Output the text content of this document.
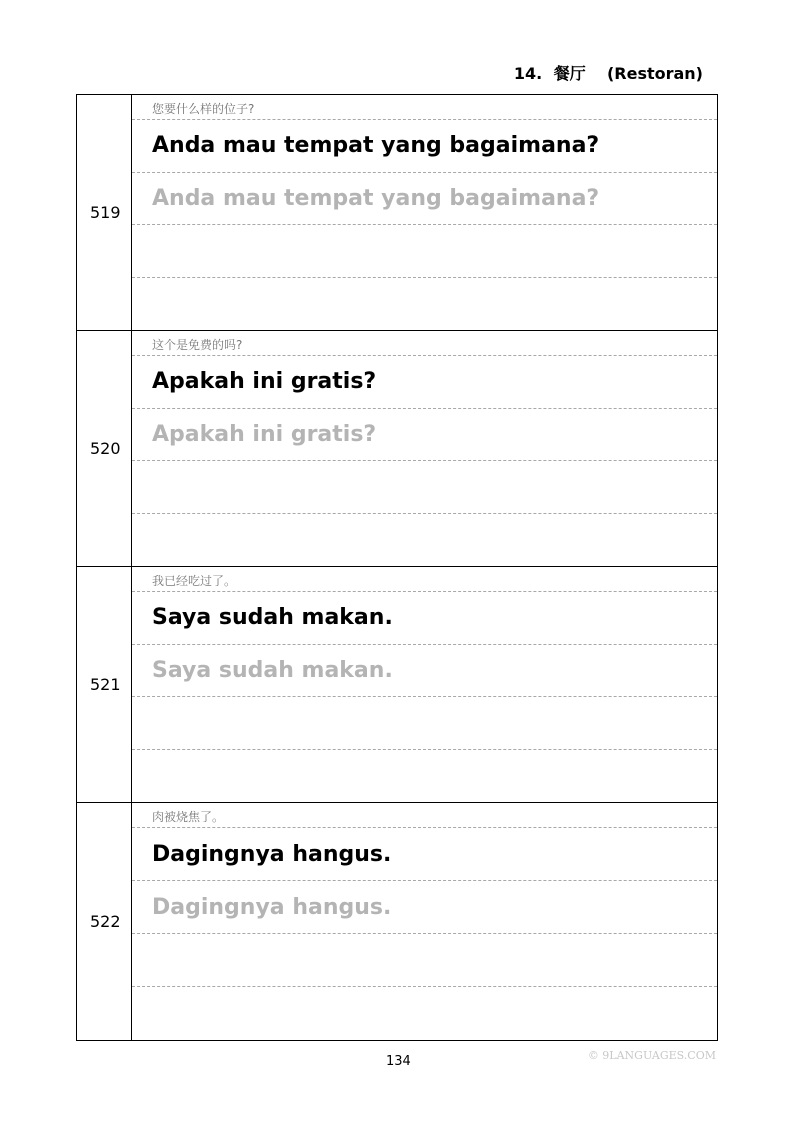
14. 餐厅 (Restoran)
519
您要什么样的位子?
Anda mau tempat yang bagaimana?
Anda mau tempat yang bagaimana?
520
这个是免费的吗?
Apakah ini gratis?
Apakah ini gratis?
521
我已经吃过了。
Saya sudah makan.
Saya sudah makan.
522
肉被烧焦了。
Dagingnya hangus.
Dagingnya hangus.
134	© 9LANGUAGES.COM
